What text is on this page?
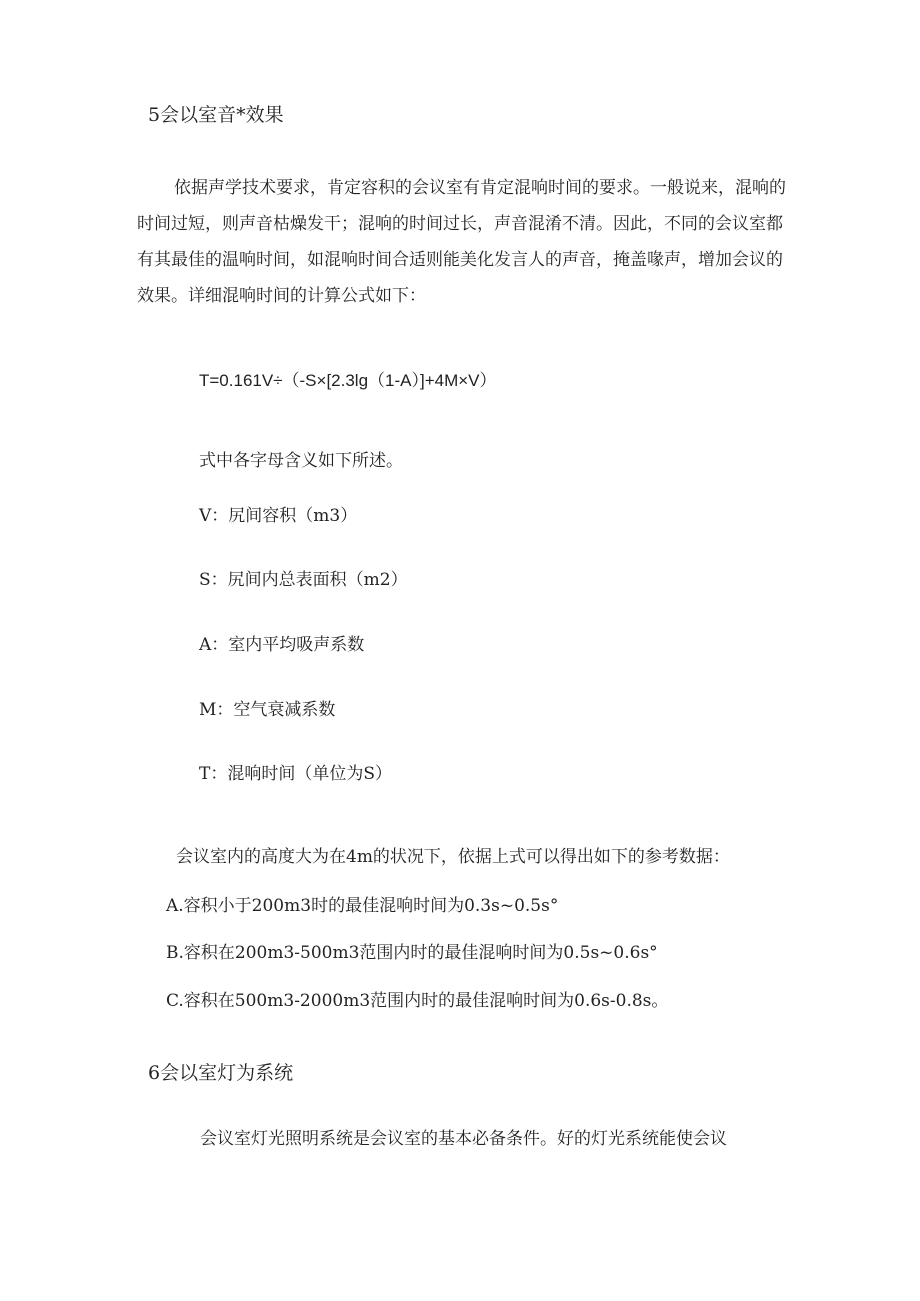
5会以室音*效果
依据声学技术要求，肯定容积的会议室有肯定混响时间的要求。一般说来，混响的
时间过短，则声音枯燥发干；混响的时间过长，声音混淆不清。因此，不同的会议室都
有其最佳的温响时间，如混响时间合适则能美化发言人的声音，掩盖喙声，增加会议的
效果。详细混响时间的计算公式如下：
T=0.161V÷（-S×[2.3lg（1-A）]+4M×V）
式中各字母含义如下所述。
V：尻间容积（m3）
S：尻间内总表面积（m2）
A：室内平均吸声系数
M：空气衰减系数
T：混响时间（单位为S）
会议室内的高度大为在4m的状况下，依据上式可以得出如下的参考数据：
A.容积小于200m3时的最佳混响时间为0.3s~0.5s°
B.容积在200m3-500m3范围内时的最佳混响时间为0.5s~0.6s°
C.容积在500m3-2000m3范围内时的最佳混响时间为0.6s-0.8s。
6会以室灯为系统
会议室灯光照明系统是会议室的基本必备条件。好的灯光系统能使会议
